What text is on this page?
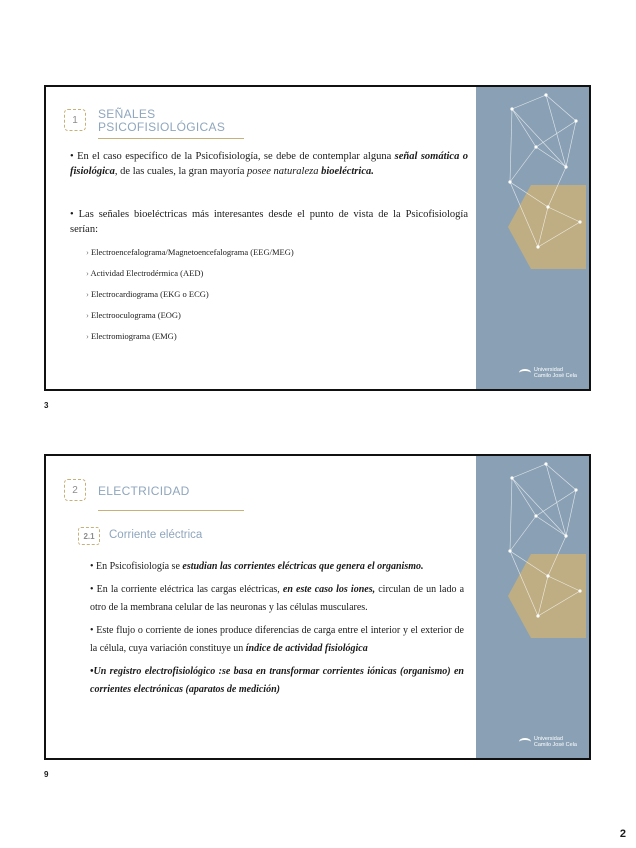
1	SEÑALES
PSICOFISIOLÓGICAS

• En el caso específico de la Psicofisiología, se debe de contemplar alguna señal somática o fisiológica, de las cuales, la gran mayoría posee naturaleza bioeléctrica.

• Las señales bioeléctricas más interesantes desde el punto de vista de la Psicofisiología serían:
› Electroencefalograma/Magnetoencefalograma (EEG/MEG)
› Actividad Electrodérmica (AED)
› Electrocardiograma (EKG o ECG)
› Electrooculograma (EOG)
› Electromiograma (EMG)
Universidad
Camilo José Cela
3
2	ELECTRICIDAD
2.1	Corriente eléctrica

• En Psicofisiología se estudian las corrientes eléctricas que genera el organismo.

• En la corriente eléctrica las cargas eléctricas, en este caso los iones, circulan de un lado a otro de la membrana celular de las neuronas y las células musculares.

• Este flujo o corriente de iones produce diferencias de carga entre el interior y el exterior de la célula, cuya variación constituye un índice de actividad fisiológica

•Un registro electrofisiológico :se basa en transformar corrientes iónicas (organismo) en corrientes electrónicas (aparatos de medición)

Universidad
Camilo José Cela
9
2
